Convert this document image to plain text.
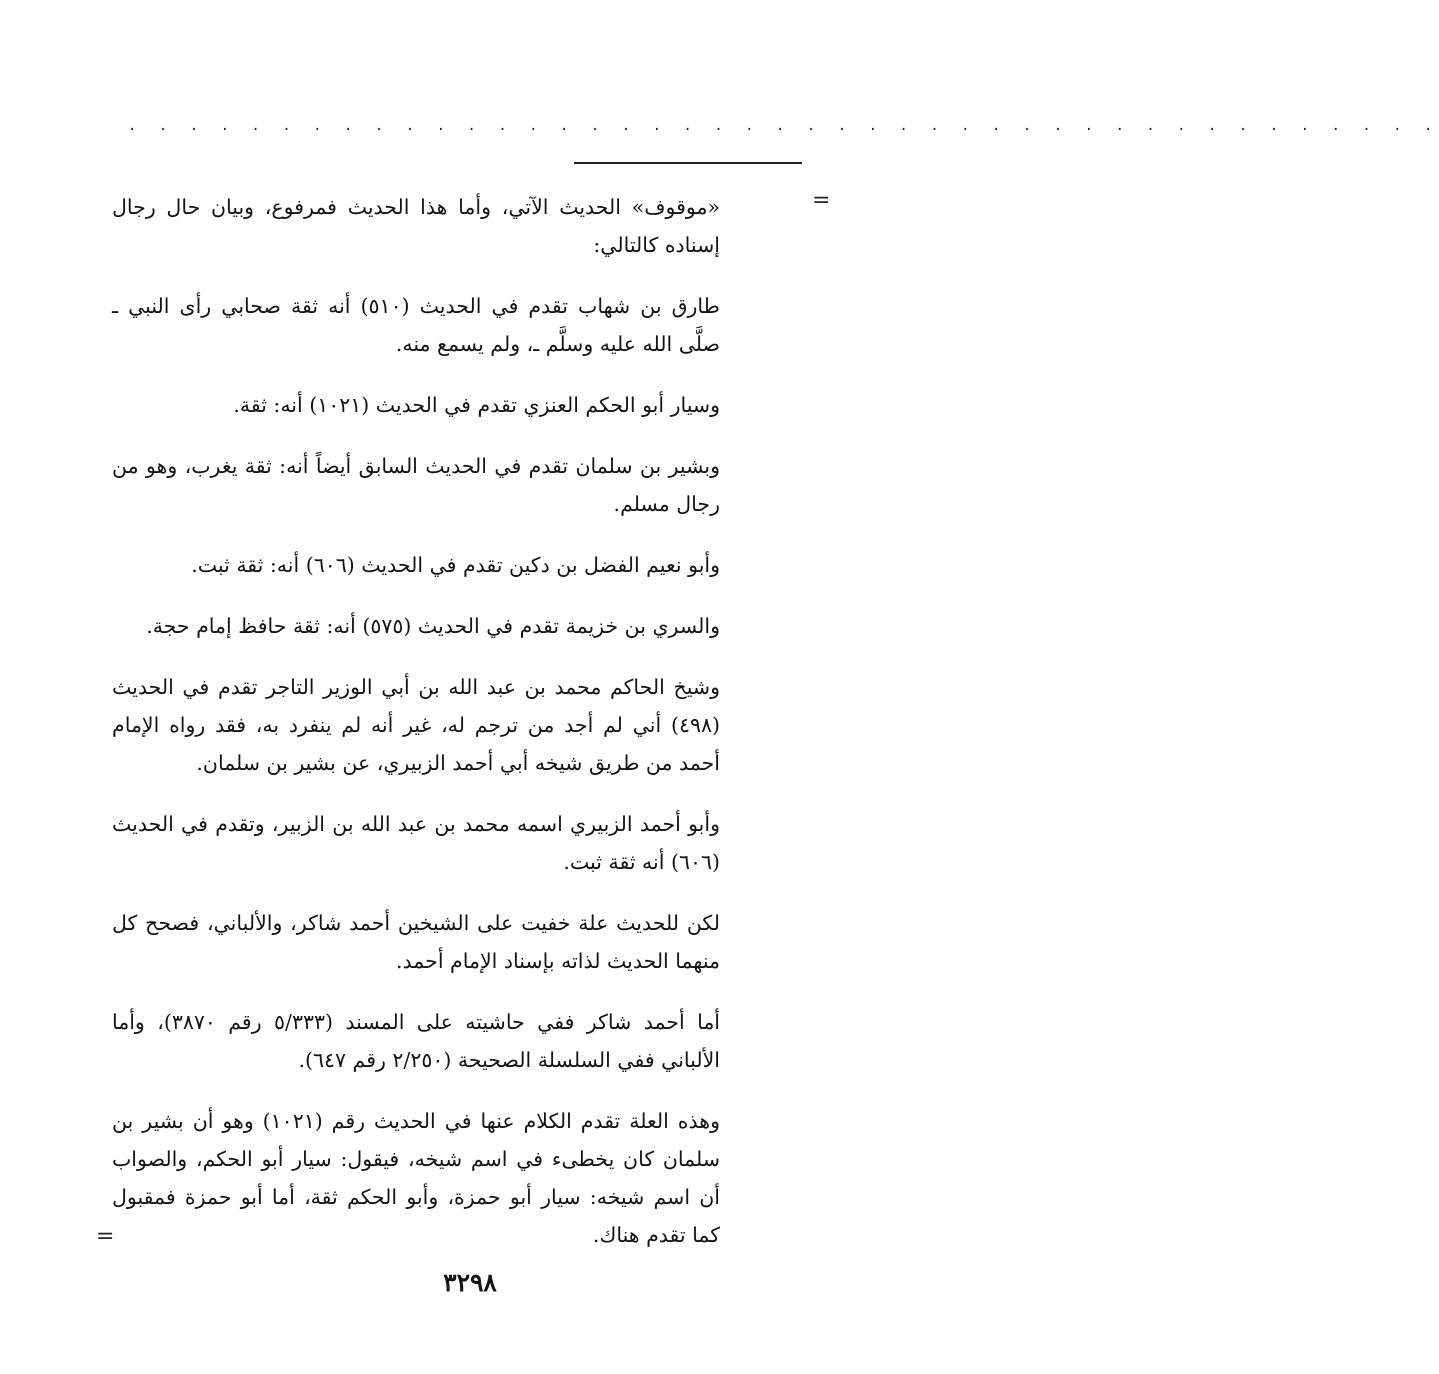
. . . . . . . . . . . . . . . . . . . . . . . . . . . . . . . . . . . . . . . . . . .
=

«موقوف» الحديث الآتي، وأما هذا الحديث فمرفوع، وبيان حال رجال إسناده كالتالي:

طارق بن شهاب تقدم في الحديث (٥١٠) أنه ثقة صحابي رأى النبي ـ صلَّى الله عليه وسلَّم ـ، ولم يسمع منه.

وسيار أبو الحكم العنزي تقدم في الحديث (١٠٢١) أنه: ثقة.

وبشير بن سلمان تقدم في الحديث السابق أيضاً أنه: ثقة يغرب، وهو من رجال مسلم.

وأبو نعيم الفضل بن دكين تقدم في الحديث (٦٠٦) أنه: ثقة ثبت.

والسري بن خزيمة تقدم في الحديث (٥٧٥) أنه: ثقة حافظ إمام حجة.

وشيخ الحاكم محمد بن عبد الله بن أبي الوزير التاجر تقدم في الحديث (٤٩٨) أني لم أجد من ترجم له، غير أنه لم ينفرد به، فقد رواه الإمام أحمد من طريق شيخه أبي أحمد الزبيري، عن بشير بن سلمان.

وأبو أحمد الزبيري اسمه محمد بن عبد الله بن الزبير، وتقدم في الحديث (٦٠٦) أنه ثقة ثبت.

لكن للحديث علة خفيت على الشيخين أحمد شاكر، والألباني، فصحح كل منهما الحديث لذاته بإسناد الإمام أحمد.

أما أحمد شاكر ففي حاشيته على المسند (٥/٣٣٣ رقم ٣٨٧٠)، وأما الألباني ففي السلسلة الصحيحة (٢/٢٥٠ رقم ٦٤٧).

وهذه العلة تقدم الكلام عنها في الحديث رقم (١٠٢١) وهو أن بشير بن سلمان كان يخطىء في اسم شيخه، فيقول: سيار أبو الحكم، والصواب أن اسم شيخه: سيار أبو حمزة، وأبو الحكم ثقة، أما أبو حمزة فمقبول كما تقدم هناك.

=
٣٢٩٨
